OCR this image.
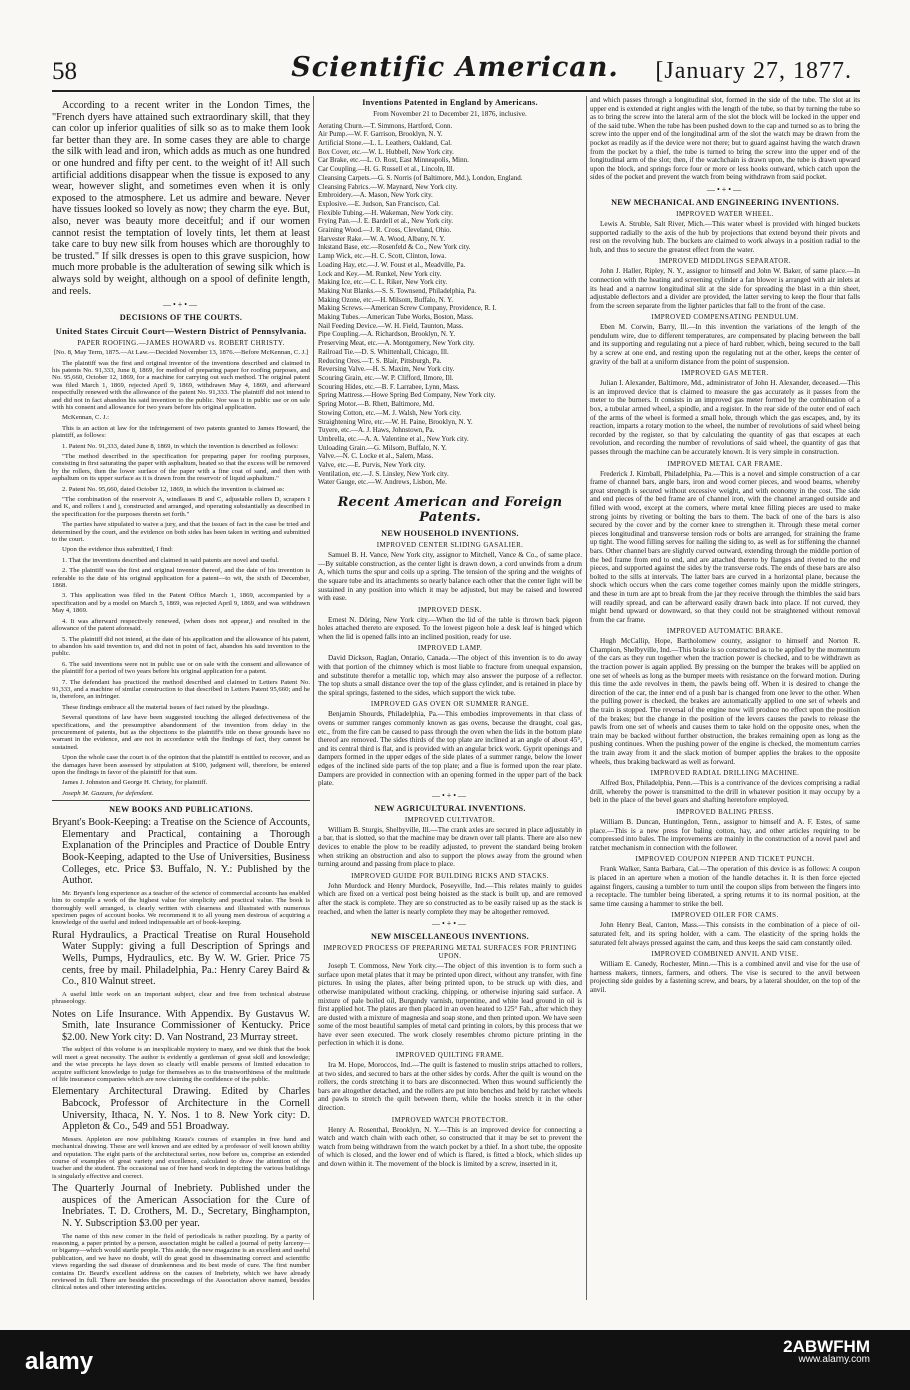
58	Scientific American.	[January 27, 1877.

According to a recent writer in the London Times, the "French dyers have attained such extraordinary skill, that they can color up inferior qualities of silk so as to make them look far better than they are. In some cases they are able to charge the silk with lead and iron, which adds as much as one hundred or one hundred and fifty per cent. to the weight of it! All such artificial additions disappear when the tissue is exposed to any wear, however slight, and sometimes even when it is only exposed to the atmosphere. Let us admire and beware. Never have tissues looked so lovely as now; they charm the eye. But, also, never was beauty more deceitful; and if our women cannot resist the temptation of lovely tints, let them at least take care to buy new silk from houses which are thoroughly to be trusted." If silk dresses is open to this grave suspicion, how much more probable is the adulteration of sewing silk which is always sold by weight, although on a spool of definite length, and reels.

—•+•—
DECISIONS OF THE COURTS.
United States Circuit Court—Western District of Pennsylvania.
PAPER ROOFING.—JAMES HOWARD vs. ROBERT CHRISTY.

[No. 8, May Term, 1875.—At Law.—Decided November 13, 1876.—Before McKennan, C. J.]

The plaintiff was the first and original inventor of the inventions described and claimed in his patents No. 91,333, June 8, 1869, for method of preparing paper for roofing purposes, and No. 95,660, October 12, 1869, for a machine for carrying out such method. The original patent was filed March 1, 1869, rejected April 9, 1869, withdrawn May 4, 1869, and afterward respectfully renewed with the allowance of the patent No. 91,333. The plaintiff did not intend to and did not in fact abandon his said invention to the public. Nor was it in public use or on sale with his consent and allowance for two years before his original application.

McKennan, C. J.:

This is an action at law for the infringement of two patents granted to James Howard, the plaintiff, as follows:

1. Patent No. 91,333, dated June 8, 1869, in which the invention is described as follows:

"The method described in the specification for preparing paper for roofing purposes, consisting in first saturating the paper with asphaltum, heated so that the excess will be removed by the rollers, then the lower surface of the paper with a fine coat of sand, and then with asphaltum on its upper surface as it is drawn from the reservoir of liquid asphaltum."

2. Patent No. 95,660, dated October 12, 1869, in which the invention is claimed as:

"The combination of the reservoir A, windlasses B and C, adjustable rollers D, scrapers I and K, and rollers i and j, constructed and arranged, and operating substantially as described in the specification for the purposes therein set forth."

The parties have stipulated to waive a jury, and that the issues of fact in the case be tried and determined by the court, and the evidence on both sides has been taken in writing and submitted to the court.

Upon the evidence thus submitted, I find:

1. That the inventions described and claimed in said patents are novel and useful.

2. The plaintiff was the first and original inventor thereof, and the date of his invention is referable to the date of his original application for a patent—to wit, the sixth of December, 1868.

3. This application was filed in the Patent Office March 1, 1869, accompanied by a specification and by a model on March 5, 1869, was rejected April 9, 1869, and was withdrawn May 4, 1869.

4. It was afterward respectively renewed, (when does not appear,) and resulted in the allowance of the patent aforesaid.

5. The plaintiff did not intend, at the date of his application and the allowance of his patent, to abandon his said invention to, and did not in point of fact, abandon his said invention to the public.

6. The said inventions were not in public use or on sale with the consent and allowance of the plaintiff for a period of two years before his original application for a patent.

7. The defendant has practiced the method described and claimed in Letters Patent No. 91,333, and a machine of similar construction to that described in Letters Patent 95,660; and he is, therefore, an infringer.

These findings embrace all the material issues of fact raised by the pleadings.

Several questions of law have been suggested touching the alleged defectiveness of the specifications, and the presumptive abandonment of the invention from delay in the procurement of patents, but as the objections to the plaintiff's title on these grounds have no warrant in the evidence, and are not in accordance with the findings of fact, they cannot be sustained.

Upon the whole case the court is of the opinion that the plaintiff is entitled to recover, and as the damages have been assessed by stipulation at $100, judgment will, therefore, be entered upon the findings in favor of the plaintiff for that sum.

James J. Johnston and George H. Christy, for plaintiff.

Joseph M. Gazzam, for defendant.

NEW BOOKS AND PUBLICATIONS.

Bryant's Book-Keeping: a Treatise on the Science of Accounts, Elementary and Practical, containing a Thorough Explanation of the Principles and Practice of Double Entry Book-Keeping, adapted to the Use of Universities, Business Colleges, etc. Price $3. Buffalo, N. Y.: Published by the Author.

Mr. Bryant's long experience as a teacher of the science of commercial accounts has enabled him to compile a work of the highest value for simplicity and practical value. The book is thoroughly well arranged, is clearly written with clearness and illustrated with numerous specimen pages of account books. We recommend it to all young men desirous of acquiring a knowledge of the useful and indeed indispensable art of book-keeping.

Rural Hydraulics, a Practical Treatise on Rural Household Water Supply: giving a full Description of Springs and Wells, Pumps, Hydraulics, etc. By W. W. Grier. Price 75 cents, free by mail. Philadelphia, Pa.: Henry Carey Baird & Co., 810 Walnut street.

A useful little work on an important subject, clear and free from technical abstruse phraseology.

Notes on Life Insurance. With Appendix. By Gustavus W. Smith, late Insurance Commissioner of Kentucky. Price $2.00. New York city: D. Van Nostrand, 23 Murray street.

The subject of this volume is an inexplicable mystery to many, and we think that the book will meet a great necessity. The author is evidently a gentleman of great skill and knowledge; and the wise precepts he lays down so clearly will enable persons of limited education to acquire sufficient knowledge to judge for themselves as to the trustworthiness of the multitude of life insurance companies which are now claiming the confidence of the public.

Elementary Architectural Drawing. Edited by Charles Babcock, Professor of Architecture in the Cornell University, Ithaca, N. Y. Nos. 1 to 8. New York city: D. Appleton & Co., 549 and 551 Broadway.

Messrs. Appleton are now publishing Kraus's courses of examples in free hand and mechanical drawing. These are well known and are edited by a professor of well known ability and reputation. The eight parts of the architectural series, now before us, comprise an extended course of examples of great variety and excellence, calculated to draw the attention of the teacher and the student. The occasional use of free hand work in depicting the various buildings is singularly effective and correct.

The Quarterly Journal of Inebriety. Published under the auspices of the American Association for the Cure of Inebriates. T. D. Crothers, M. D., Secretary, Binghampton, N. Y. Subscription $3.00 per year.

The name of this new comer in the field of periodicals is rather puzzling. By a parity of reasoning, a paper printed by a person, association might be called a journal of petty larceny—or bigamy—which would startle people. This aside, the new magazine is an excellent and useful publication, and we have no doubt, will do great good in disseminating correct and scientific views regarding the sad disease of drunkenness and its best mode of cure. The first number contains Dr. Beard's excellent address on the causes of Inebriety, which we have already reviewed in full. There are besides the proceedings of the Association above named, besides clinical notes and other interesting articles.

Inventions Patented in England by Americans.

From November 21 to December 21, 1876, inclusive.

Aerating Churn.—T. Simmons, Hartford, Conn.
Air Pump.—W. F. Garrison, Brooklyn, N. Y.
Artificial Stone.—L. L. Leathers, Oakland, Cal.
Box Cover, etc.—W. L. Hubbell, New York city.
Car Brake, etc.—L. O. Rost, East Minneapolis, Minn.
Car Coupling.—H. G. Russell et al., Lincoln, Ill.
Cleansing Carpets.—G. S. Norris (of Baltimore, Md.), London, England.
Cleansing Fabrics.—W. Maynard, New York city.
Embroidery.—A. Mason, New York city.
Explosive.—E. Judson, San Francisco, Cal.
Flexible Tubing.—H. Wakeman, New York city.
Frying Pan.—J. E. Bardell et al., New York city.
Graining Wood.—J. R. Cross, Cleveland, Ohio.
Harvester Rake.—W. A. Wood, Albany, N. Y.
Inkstand Base, etc.—Rosenfeld & Co., New York city.
Lamp Wick, etc.—H. C. Scott, Clinton, Iowa.
Loading Hay, etc.—J. W. Foust et al., Meadville, Pa.
Lock and Key.—M. Runkel, New York city.
Making Ice, etc.—C. L. Riker, New York city.
Making Nut Blanks.—S. S. Townsend, Philadelphia, Pa.
Making Ozone, etc.—H. Milsom, Buffalo, N. Y.
Making Screws.—American Screw Company, Providence, R. I.
Making Tubes.—American Tube Works, Boston, Mass.
Nail Feeding Device.—W. H. Field, Taunton, Mass.
Pipe Coupling.—A. Richardson, Brooklyn, N. Y.
Preserving Meat, etc.—A. Montgomery, New York city.
Railroad Tie.—D. S. Whittenhall, Chicago, Ill.
Reducing Ores.—T. S. Blair, Pittsburgh, Pa.
Reversing Valve.—H. S. Maxim, New York city.
Scouring Grain, etc.—W. P. Clifford, Ilmore, Ill.
Scouring Hides, etc.—B. F. Larrabee, Lynn, Mass.
Spring Mattress.—Howe Spring Bed Company, New York city.
Spring Motor.—B. Rhett, Baltimore, Md.
Stowing Cotton, etc.—M. J. Walsh, New York city.
Straightening Wire, etc.—W. H. Paine, Brooklyn, N. Y.
Tuyere, etc.—A. J. Haws, Johnstown, Pa.
Umbrella, etc.—A. A. Valentine et al., New York city.
Unloading Grain.—G. Milsom, Buffalo, N. Y.
Valve.—N. C. Locke et al., Salem, Mass.
Valve, etc.—E. Purvis, New York city.
Ventilation, etc.—J. S. Linsley, New York city.
Water Gauge, etc.—W. Andrews, Lisbon, Me.
Recent American and Foreign Patents.
NEW HOUSEHOLD INVENTIONS.
IMPROVED CENTER SLIDING GASALIER.

Samuel B. H. Vance, New York city, assignor to Mitchell, Vance & Co., of same place.—By suitable construction, as the center light is drawn down, a cord unwinds from a drum A, which turns the spur and coils up a spring. The tension of the spring and the weights of the square tube and its attachments so nearly balance each other that the center light will be sustained in any position into which it may be adjusted, but may be raised and lowered with ease.

IMPROVED DESK.

Ernest N. Döring, New York city.—When the lid of the table is thrown back pigeon holes attached thereto are exposed. To the lowest pigeon hole a desk leaf is hinged which when the lid is opened falls into an inclined position, ready for use.

IMPROVED LAMP.

David Dickson, Raglan, Ontario, Canada.—The object of this invention is to do away with that portion of the chimney which is most liable to fracture from unequal expansion, and substitute therefor a metallic top, which may also answer the purpose of a reflector. The top shuts a small distance over the top of the glass cylinder, and is retained in place by the spiral springs, fastened to the sides, which support the wick tube.

IMPROVED GAS OVEN OR SUMMER RANGE.

Benjamin Shourds, Philadelphia, Pa.—This embodies improvements in that class of ovens or summer ranges commonly known as gas ovens, because the draught, coal gas, etc., from the fire can be caused to pass through the oven when the lids in the bottom plate thereof are removed. The sides thirds of the top plate are inclined at an angle of about 45°, and its central third is flat, and is provided with an angular brick work. Gyprit openings and dampers formed in the upper edges of the side plates of a summer range, below the lower edges of the inclined side parts of the top plate; and a flue is formed upon the rear plate. Dampers are provided in connection with an opening formed in the upper part of the back plate.

—•+•—
NEW AGRICULTURAL INVENTIONS.
IMPROVED CULTIVATOR.

William B. Sturgis, Shelbyville, Ill.—The crank axles are secured in place adjustably in a bar, that is slotted, so that the machine may be drawn over tall plants. There are also new devices to enable the plow to be readily adjusted, to prevent the standard being broken when striking an obstruction and also to support the plows away from the ground when turning around and passing from place to place.

IMPROVED GUIDE FOR BUILDING RICKS AND STACKS.

John Murdock and Henry Murdock, Poseyville, Ind.—This relates mainly to guides which are fixed on a vertical post being hoisted as the stack is built up, and are removed after the stack is complete. They are so constructed as to be easily raised up as the stack is reached, and when the latter is nearly complete they may be altogether removed.

—•+•—
NEW MISCELLANEOUS INVENTIONS.
IMPROVED PROCESS OF PREPARING METAL SURFACES FOR PRINTING UPON.

Joseph T. Commoss, New York city.—The object of this invention is to form such a surface upon metal plates that it may be printed upon direct, without any transfer, with fine pictures. In using the plates, after being printed upon, to be struck up with dies, and otherwise manipulated without cracking, chipping, or otherwise injuring said surface. A mixture of pale boiled oil, Burgundy varnish, turpentine, and white lead ground in oil is first applied hot. The plates are then placed in an oven heated to 125° Fah., after which they are dusted with a mixture of magnesia and soap stone, and then printed upon. We have seen some of the most beautiful samples of metal card printing in colors, by this process that we have ever seen executed. The work closely resembles chromo picture printing in the perfection in which it is done.

IMPROVED QUILTING FRAME.

Ira M. Hope, Moroccos, Ind.—The quilt is fastened to muslin strips attached to rollers, at two sides, and secured to bars at the other sides by cords. After the quilt is wound on the rollers, the cords stretching it to bars are disconnected. When thus wound sufficiently the bars are altogether detached, and the rollers are put into benches and held by ratchet wheels and pawls to stretch the quilt between them, while the hooks stretch it in the other direction.

IMPROVED WATCH PROTECTOR.

Henry A. Rosenthal, Brooklyn, N. Y.—This is an improved device for connecting a watch and watch chain with each other, so constructed that it may be set to prevent the watch from being withdrawn from the watch pocket by a thief. In a short tube, the opposite of which is closed, and the lower end of which is flared, is fitted a block, which slides up and down within it. The movement of the block is limited by a screw, inserted in it,

and which passes through a longitudinal slot, formed in the side of the tube. The slot at its upper end is extended at right angles with the length of the tube, so that by turning the tube so as to bring the screw into the lateral arm of the slot the block will be locked in the upper end of the said tube. When the tube has been pushed down to the cap and turned so as to bring the screw into the upper end of the longitudinal arm of the slot the watch may be drawn from the pocket as readily as if the device were not there; but to guard against having the watch drawn from the pocket by a thief, the tube is turned to bring the screw into the upper end of the longitudinal arm of the slot; then, if the watchchain is drawn upon, the tube is drawn upward upon the block, and springs force four or more or less hooks outward, which catch upon the sides of the pocket and prevent the watch from being withdrawn from said pocket.

—•+•—
NEW MECHANICAL AND ENGINEERING INVENTIONS.
IMPROVED WATER WHEEL.

Lewis A. Struble, Salt River, Mich.—This water wheel is provided with hinged buckets supported radially to the axis of the hub by projections that extend beyond their pivots and rest on the revolving hub. The buckets are claimed to work always in a position radial to the hub, and thus to secure the greatest effect from the water.

IMPROVED MIDDLINGS SEPARATOR.

John J. Haller, Ripley, N. Y., assignor to himself and John W. Baker, of same place.—In connection with the heating and screening cylinder a fan blower is arranged with air inlets at its head and a narrow longitudinal slit at the side for spreading the blast in a thin sheet, adjustable deflectors and a divider are provided, the latter serving to keep the flour that falls from the screen separate from the lighter particles that fall to the front of the case.

IMPROVED COMPENSATING PENDULUM.

Eben M. Corwin, Barry, Ill.—In this invention the variations of the length of the pendulum wire, due to different temperatures, are compensated by placing between the ball and its supporting and regulating nut a piece of hard rubber, which, being secured to the ball by a screw at one end, and resting upon the regulating nut at the other, keeps the center of gravity of the ball at a uniform distance from the point of suspension.

IMPROVED GAS METER.

Julian I. Alexander, Baltimore, Md., administrator of John H. Alexander, deceased.—This is an improved device that is claimed to measure the gas accurately as it passes from the meter to the burners. It consists in an improved gas meter formed by the combination of a box, a tubular armed wheel, a spindle, and a register. In the rear side of the outer end of each of the arms of the wheel is formed a small hole, through which the gas escapes, and, by its reaction, imparts a rotary motion to the wheel, the number of revolutions of said wheel being recorded by the register, so that by calculating the quantity of gas that escapes at each revolution, and recording the number of revolutions of said wheel, the quantity of gas that passes through the machine can be accurately known. It is very simple in construction.

IMPROVED METAL CAR FRAME.

Frederick J. Kimball, Philadelphia, Pa.—This is a novel and simple construction of a car frame of channel bars, angle bars, iron and wood corner pieces, and wood beams, whereby great strength is secured without excessive weight, and with economy in the cost. The side and end pieces of the bed frame are of channel iron, with the channel arranged outside and filled with wood, except at the corners, where metal knee filling pieces are used to make strong joints by riveting or bolting the bars to them. The back of one of the bars is also secured by the cover and by the corner knee to strengthen it. Through these metal corner pieces longitudinal and transverse tension rods or bolts are arranged, for straining the frame up tight. The wood filling serves for nailing the siding to, as well as for stiffening the channel bars. Other channel bars are slightly curved outward, extending through the middle portion of the bed frame from end to end, and are attached thereto by flanges and riveted to the end pieces, and supported against the sides by the transverse rods. The ends of these bars are also bolted to the sills at intervals. The latter bars are curved in a horizontal plane, because the shock which occurs when the cars come together comes mainly upon the middle stringers, and these in turn are apt to break from the jar they receive through the thimbles the said bars will readily spread, and can be afterward easily drawn back into place. If not curved, they might bend upward or downward, so that they could not be straightened without removal from the car frame.

IMPROVED AUTOMATIC BRAKE.

Hugh McCallip, Hope, Bartholomew county, assignor to himself and Norton R. Champion, Shelbyville, Ind.—This brake is so constructed as to be applied by the momentum of the cars as they run together when the traction power is checked, and to be withdrawn as the traction power is again applied. By pressing on the bumper the brakes will be applied on one set of wheels as long as the bumper meets with resistance on the forward motion. During this time the axle revolves in them, the pawls being off. When it is desired to change the direction of the car, the inner end of a push bar is changed from one lever to the other. When the pulling power is checked, the brakes are automatically applied to one set of wheels and the train is stopped. The reversal of the engine now will produce no effect upon the position of the brakes; but the change in the position of the levers causes the pawls to release the pawls from one set of wheels and causes them to take hold on the opposite ones, when the train may be backed without further obstruction, the brakes remaining open as long as the pushing continues. When the pushing power of the engine is checked, the momentum carries the train away from it and the slack motion of bumper applies the brakes to the opposite wheels, thus braking backward as well as forward.

IMPROVED RADIAL DRILLING MACHINE.

Alfred Box, Philadelphia, Penn.—This is a contrivance of the devices comprising a radial drill, whereby the power is transmitted to the drill in whatever position it may occupy by a belt in the place of the bevel gears and shafting heretofore employed.

IMPROVED BALING PRESS.

William B. Duncan, Huntingdon, Tenn., assignor to himself and A. F. Estes, of same place.—This is a new press for baling cotton, hay, and other articles requiring to be compressed into bales. The improvements are mainly in the construction of a novel pawl and ratchet mechanism in connection with the follower.

IMPROVED COUPON NIPPER AND TICKET PUNCH.

Frank Walker, Santa Barbara, Cal.—The operation of this device is as follows: A coupon is placed in an aperture when a motion of the handle detaches it. It is then force ejected against fingers, causing a tumbler to turn until the coupon slips from between the fingers into a receptacle. The tumbler being liberated, a spring returns it to its normal position, at the same time causing a hammer to strike the bell.

IMPROVED OILER FOR CAMS.

John Henry Beal, Canton, Mass.—This consists in the combination of a piece of oil-saturated felt, and its spring holder, with a cam. The elasticity of the spring holds the saturated felt always pressed against the cam, and thus keeps the said cam constantly oiled.

IMPROVED COMBINED ANVIL AND VISE.

William E. Canedy, Rochester, Minn.—This is a combined anvil and vise for the use of harness makers, tinners, farmers, and others. The vise is secured to the anvil between projecting side guides by a fastening screw, and bears, by a lateral shoulder, on the top of the anvil.

alamy
2ABWFHM
www.alamy.com
